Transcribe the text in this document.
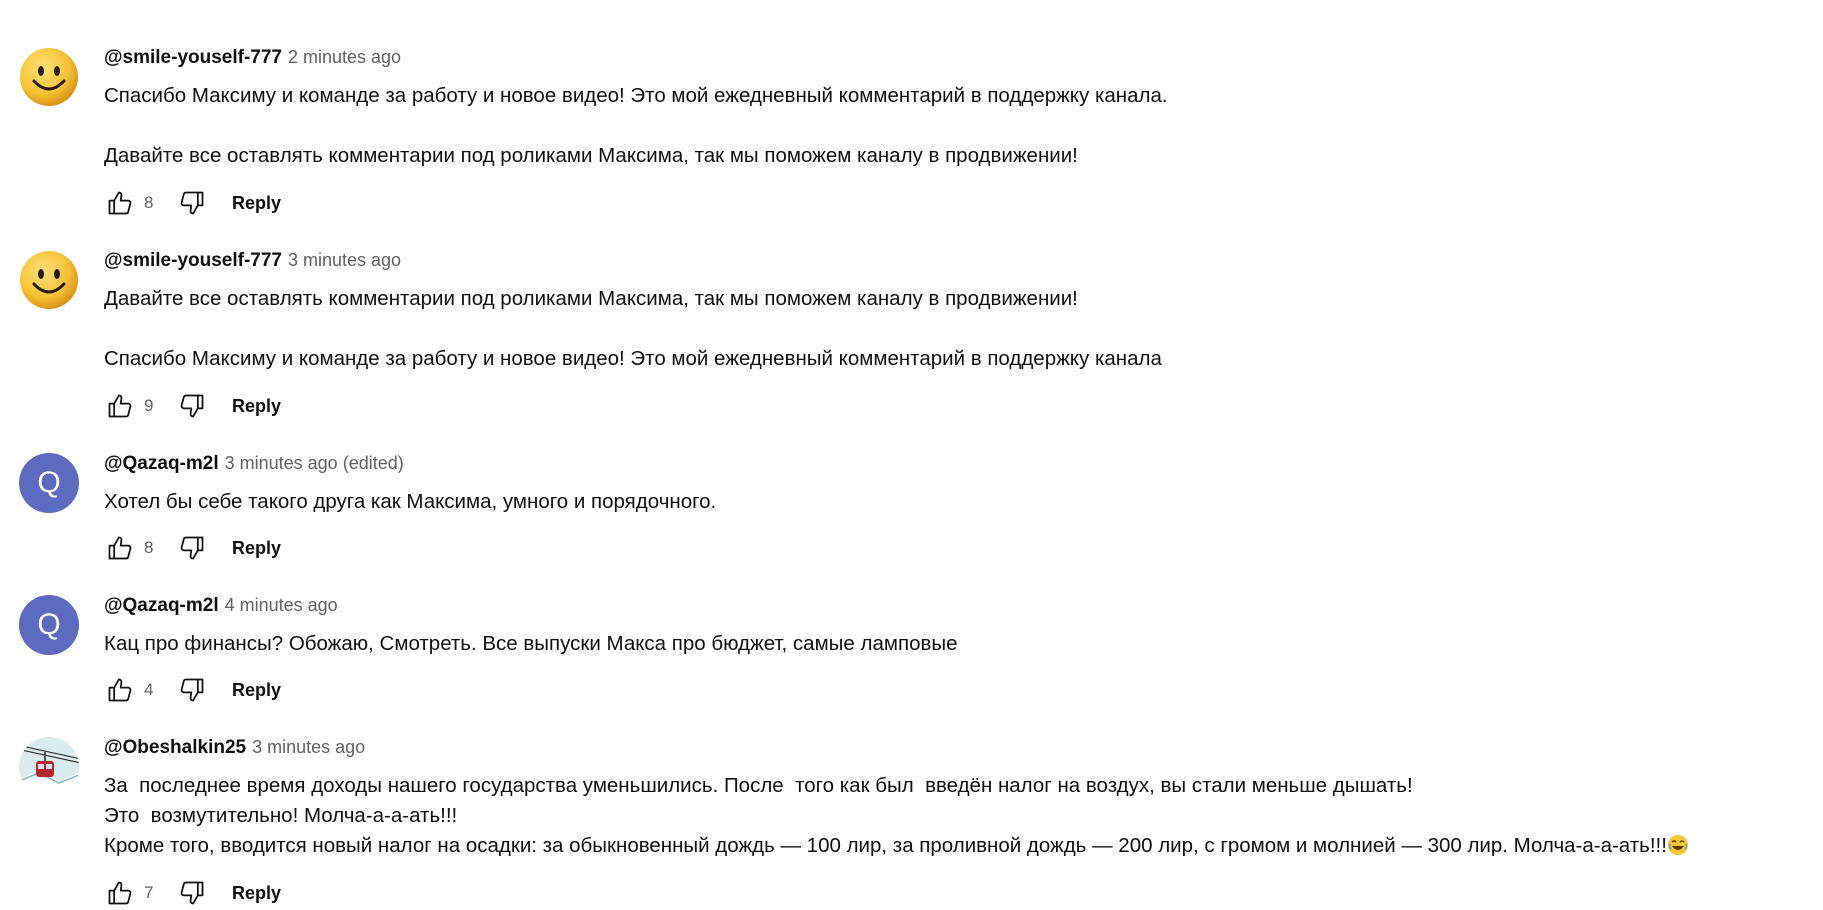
@smile-youself-777 2 minutes ago
Спасибо Максиму и команде за работу и новое видео! Это мой ежедневный комментарий в поддержку канала.

Давайте все оставлять комментарии под роликами Максима, так мы поможем каналу в продвижении!
8	Reply
@smile-youself-777 3 minutes ago
Давайте все оставлять комментарии под роликами Максима, так мы поможем каналу в продвижении!

Спасибо Максиму и команде за работу и новое видео! Это мой ежедневный комментарий в поддержку канала
9	Reply
Q
@Qazaq-m2l 3 minutes ago (edited)
Хотел бы себе такого друга как Максима, умного и порядочного.
8	Reply
Q
@Qazaq-m2l 4 minutes ago
Кац про финансы? Обожаю, Смотреть. Все выпуски Макса про бюджет, самые ламповые
4	Reply
@Obeshalkin25 3 minutes ago
За  последнее время доходы нашего государства уменьшились. После  того как был  введён налог на воздух, вы стали меньше дышать!
Это  возмутительно! Молча-а-а-ать!!!
Кроме того, вводится новый налог на осадки: за обыкновенный дождь — 100 лир, за проливной дождь — 200 лир, с громом и молнией — 300 лир. Молча-а-а-ать!!!
7	Reply
